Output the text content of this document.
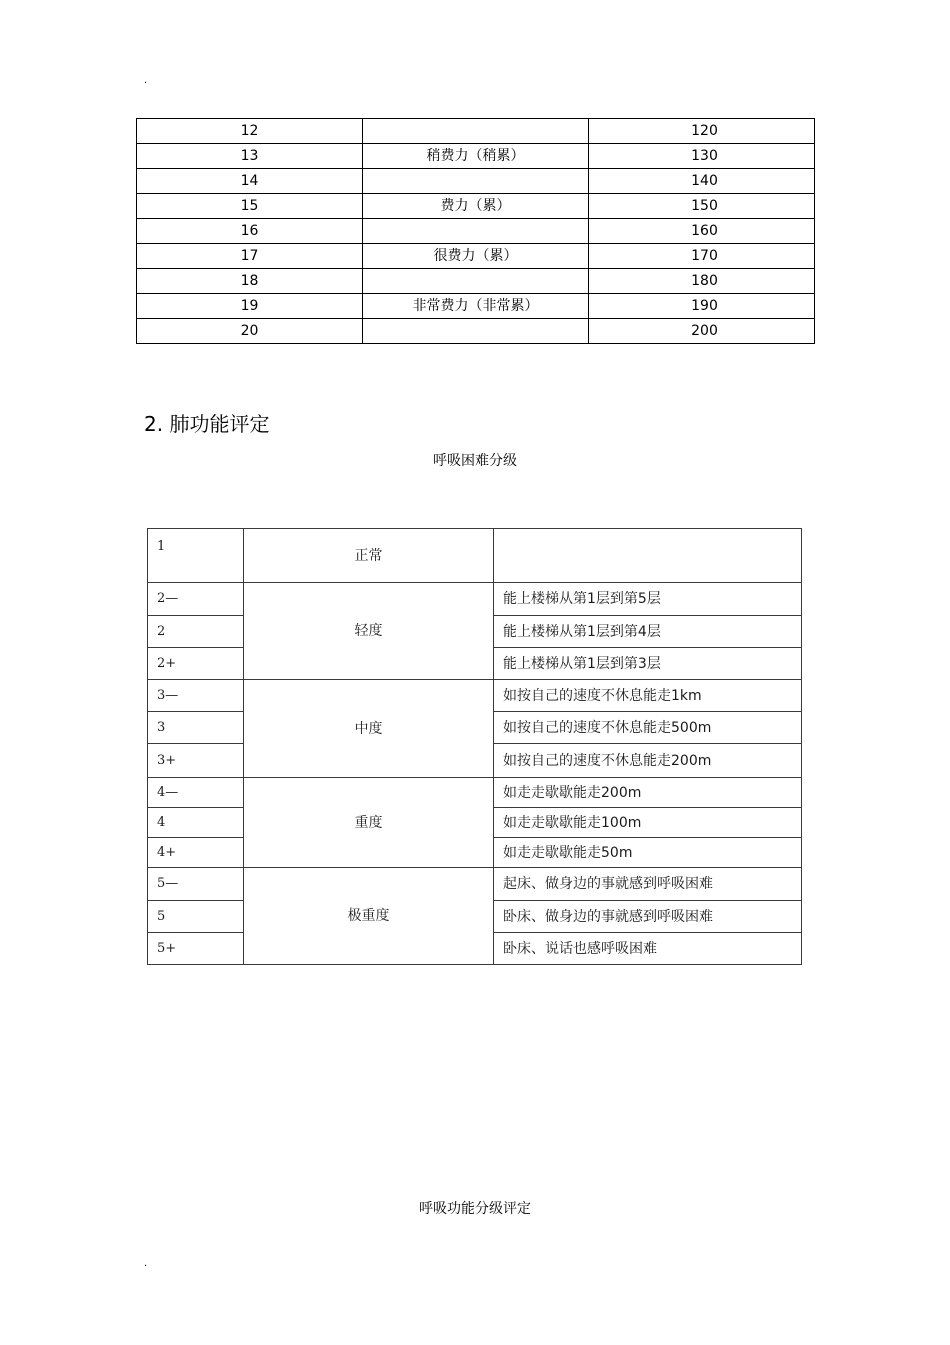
.
12		120
13	稍费力（稍累）	130
14		140
15	费力（累）	150
16		160
17	很费力（累）	170
18		180
19	非常费力（非常累）	190
20		200
2. 肺功能评定
呼吸困难分级
1	正常	
2—	轻度	能上楼梯从第1层到第5层
2		能上楼梯从第1层到第4层
2+		能上楼梯从第1层到第3层
3—	中度	如按自己的速度不休息能走1km
3		如按自己的速度不休息能走500m
3+		如按自己的速度不休息能走200m
4—	重度	如走走歇歇能走200m
4		如走走歇歇能走100m
4+		如走走歇歇能走50m
5—	极重度	起床、做身边的事就感到呼吸困难
5		卧床、做身边的事就感到呼吸困难
5+		卧床、说话也感呼吸困难
呼吸功能分级评定
.
